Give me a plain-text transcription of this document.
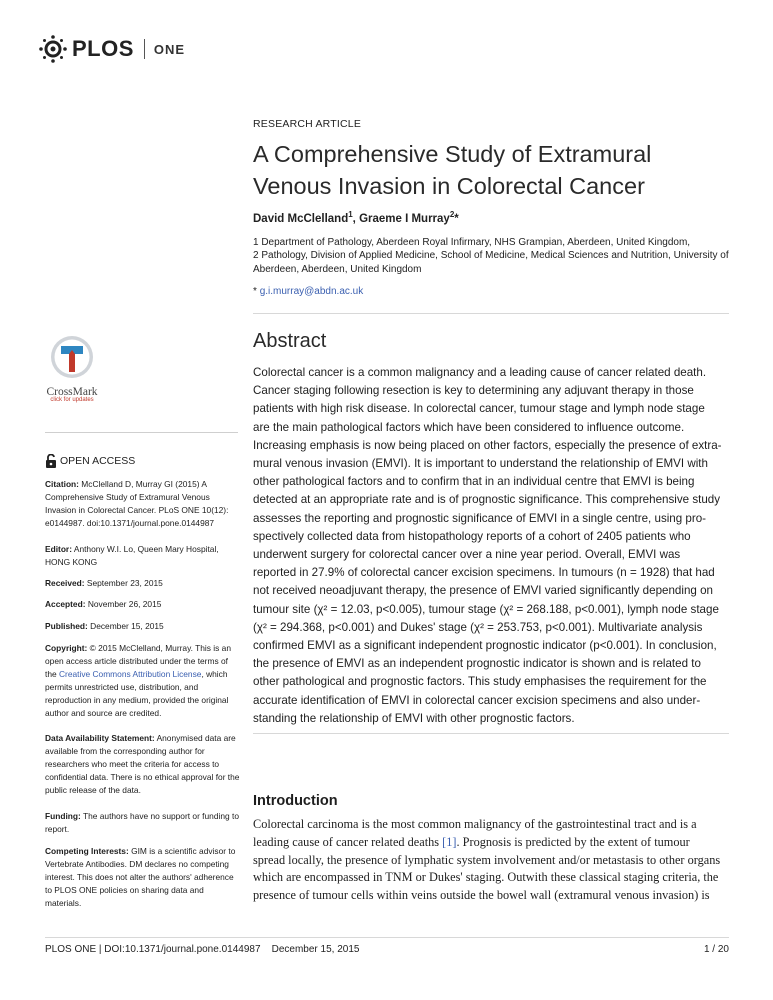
PLOS ONE
RESEARCH ARTICLE
A Comprehensive Study of Extramural
Venous Invasion in Colorectal Cancer
David McClelland$^1$, Graeme I Murray$^2$*
1 Department of Pathology, Aberdeen Royal Infirmary, NHS Grampian, Aberdeen, United Kingdom,
2 Pathology, Division of Applied Medicine, School of Medicine, Medical Sciences and Nutrition, University of
Aberdeen, Aberdeen, United Kingdom
* g.i.murray@abdn.ac.uk
Abstract
Colorectal cancer is a common malignancy and a leading cause of cancer related death.
Cancer staging following resection is key to determining any adjuvant therapy in those
patients with high risk disease. In colorectal cancer, tumour stage and lymph node stage
are the main pathological factors which have been considered to influence outcome.
Increasing emphasis is now being placed on other factors, especially the presence of extra-
mural venous invasion (EMVI). It is important to understand the relationship of EMVI with
other pathological factors and to confirm that in an individual centre that EMVI is being
detected at an appropriate rate and is of prognostic significance. This comprehensive study
assesses the reporting and prognostic significance of EMVI in a single centre, using pro-
spectively collected data from histopathology reports of a cohort of 2405 patients who
underwent surgery for colorectal cancer over a nine year period. Overall, EMVI was
reported in 27.9% of colorectal cancer excision specimens. In tumours (n = 1928) that had
not received neoadjuvant therapy, the presence of EMVI varied significantly depending on
tumour site (χ² = 12.03, p<0.005), tumour stage (χ² = 268.188, p<0.001), lymph node stage
(χ² = 294.368, p<0.001) and Dukes' stage (χ² = 253.753, p<0.001). Multivariate analysis
confirmed EMVI as a significant independent prognostic indicator (p<0.001). In conclusion,
the presence of EMVI as an independent prognostic indicator is shown and is related to
other pathological and prognostic factors. This study emphasises the requirement for the
accurate identification of EMVI in colorectal cancer excision specimens and also under-
standing the relationship of EMVI with other prognostic factors.
Introduction
Colorectal carcinoma is the most common malignancy of the gastrointestinal tract and is a
leading cause of cancer related deaths [1]. Prognosis is predicted by the extent of tumour
spread locally, the presence of lymphatic system involvement and/or metastasis to other organs
which are encompassed in TNM or Dukes' staging. Outwith these classical staging criteria, the
presence of tumour cells within veins outside the bowel wall (extramural venous invasion) is
CrossMark
click for updates
OPEN ACCESS
Citation: McClelland D, Murray GI (2015) A Comprehensive Study of Extramural Venous Invasion in Colorectal Cancer. PLoS ONE 10(12): e0144987. doi:10.1371/journal.pone.0144987
Editor: Anthony W.I. Lo, Queen Mary Hospital, HONG KONG
Received: September 23, 2015
Accepted: November 26, 2015
Published: December 15, 2015
Copyright: © 2015 McClelland, Murray. This is an open access article distributed under the terms of the Creative Commons Attribution License, which permits unrestricted use, distribution, and reproduction in any medium, provided the original author and source are credited.
Data Availability Statement: Anonymised data are available from the corresponding author for researchers who meet the criteria for access to confidential data. There is no ethical approval for the public release of the data.
Funding: The authors have no support or funding to report.
Competing Interests: GIM is a scientific advisor to Vertebrate Antibodies. DM declares no competing interest. This does not alter the authors' adherence to PLOS ONE policies on sharing data and materials.
PLOS ONE | DOI:10.1371/journal.pone.0144987    December 15, 2015	1 / 20
